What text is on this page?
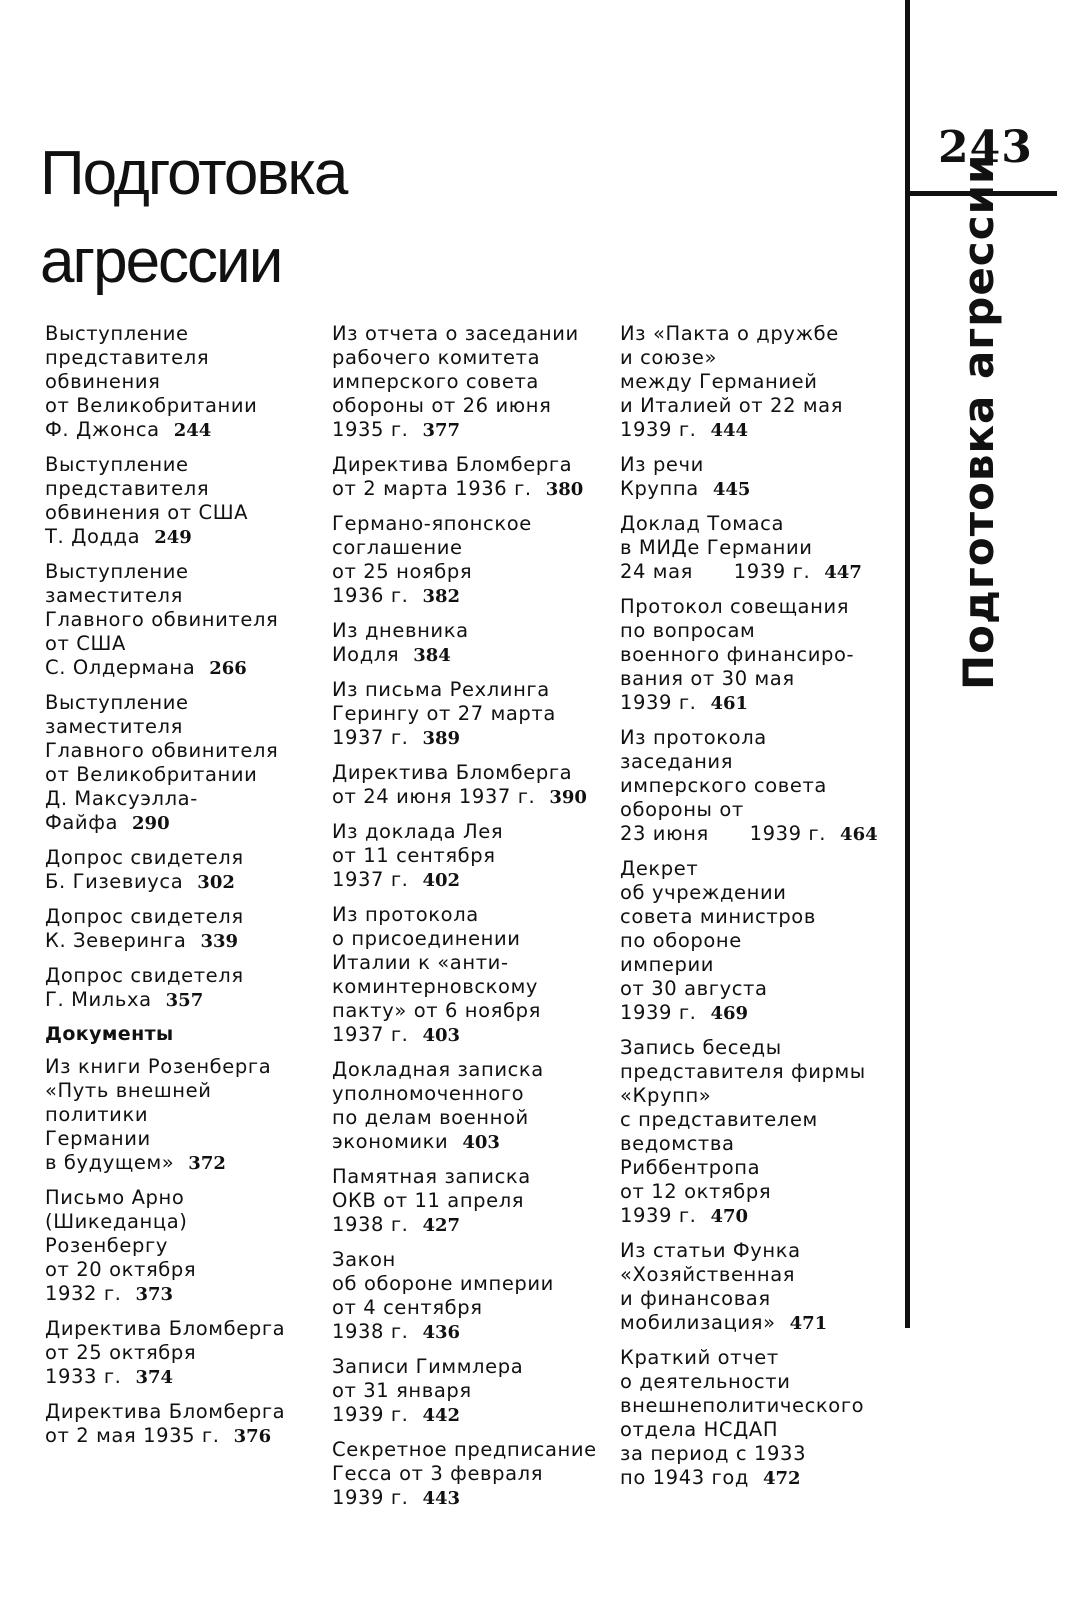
Подготовка
агрессии

Выступление
представителя
обвинения
от Великобритании
Ф. Джонса 244

Выступление
представителя
обвинения от США
Т. Додда 249

Выступление
заместителя
Главного обвинителя
от США
С. Олдермана 266

Выступление
заместителя
Главного обвинителя
от Великобритании
Д. Максуэлла-
Файфа 290

Допрос свидетеля
Б. Гизевиуса 302

Допрос свидетеля
К. Зеверинга 339

Допрос свидетеля
Г. Мильха 357

Документы

Из книги Розенберга
«Путь внешней
политики
Германии
в будущем» 372

Письмо Арно
(Шикеданца)
Розенбергу
от 20 октября
1932 г. 373

Директива Бломберга
от 25 октября
1933 г. 374

Директива Бломберга
от 2 мая 1935 г. 376

Из отчета о заседании
рабочего комитета
имперского совета
обороны от 26 июня
1935 г. 377

Директива Бломберга
от 2 марта 1936 г. 380

Германо-японское
соглашение
от 25 ноября
1936 г. 382

Из дневника
Иодля 384

Из письма Рехлинга
Герингу от 27 марта
1937 г. 389

Директива Бломберга
от 24 июня 1937 г. 390

Из доклада Лея
от 11 сентября
1937 г. 402

Из протокола
о присоединении
Италии к «анти-
коминтерновскому
пакту» от 6 ноября
1937 г. 403

Докладная записка
уполномоченного
по делам военной
экономики 403

Памятная записка
ОКВ от 11 апреля
1938 г. 427

Закон
об обороне империи
от 4 сентября
1938 г. 436

Записи Гиммлера
от 31 января
1939 г. 442

Секретное предписание
Гесса от 3 февраля
1939 г. 443

Из «Пакта о дружбе
и союзе»
между Германией
и Италией от 22 мая
1939 г. 444

Из речи
Круппа 445

Доклад Томаса
в МИДе Германии
24 мая      1939 г. 447

Протокол совещания
по вопросам
военного финансиро-
вания от 30 мая
1939 г. 461

Из протокола
заседания
имперского совета
обороны от
23 июня      1939 г. 464

Декрет
об учреждении
совета министров
по обороне
империи
от 30 августа
1939 г. 469

Запись беседы
представителя фирмы
«Крупп»
с представителем
ведомства
Риббентропа
от 12 октября
1939 г. 470

Из статьи Функа
«Хозяйственная
и финансовая
мобилизация» 471

Краткий отчет
о деятельности
внешнеполитического
отдела НСДАП
за период с 1933
по 1943 год 472

243
Подготовка агрессии
